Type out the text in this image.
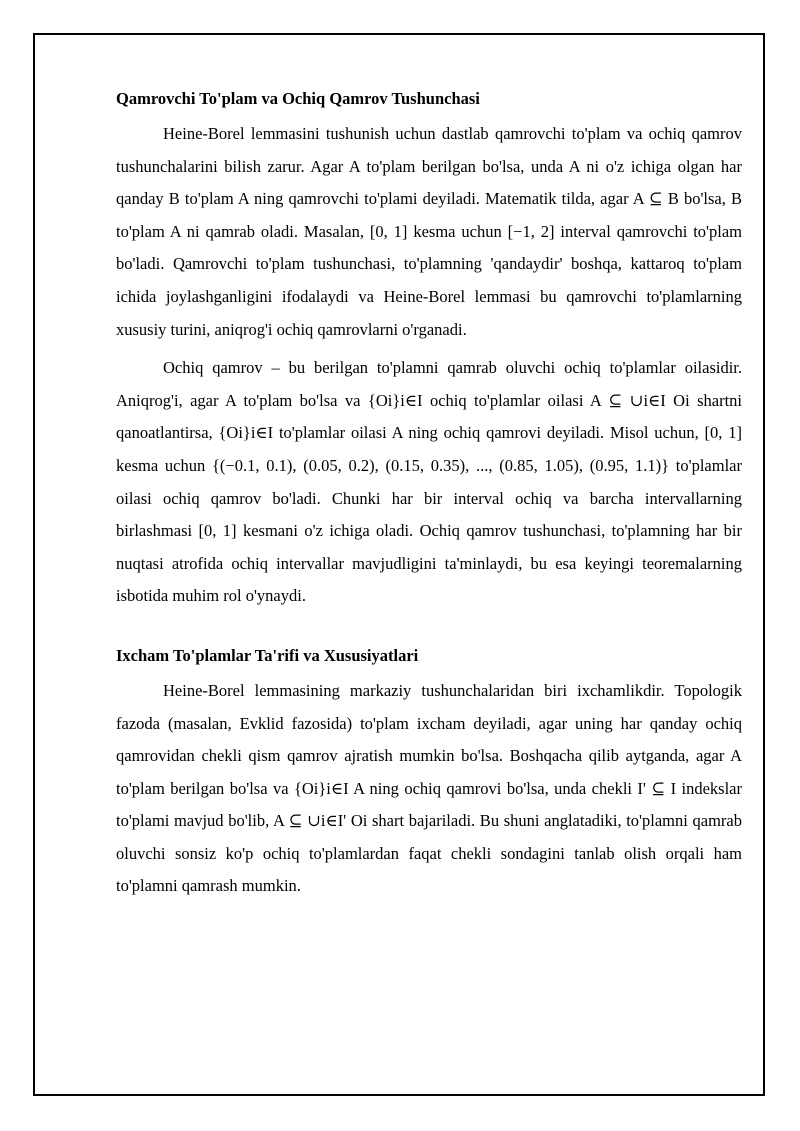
Qamrovchi To'plam va Ochiq Qamrov Tushunchasi

Heine-Borel lemmasini tushunish uchun dastlab qamrovchi to'plam va ochiq qamrov tushunchalarini bilish zarur. Agar A to'plam berilgan bo'lsa, unda A ni o'z ichiga olgan har qanday B to'plam A ning qamrovchi to'plami deyiladi. Matematik tilda, agar A ⊆ B bo'lsa, B to'plam A ni qamrab oladi. Masalan, [0, 1] kesma uchun [−1, 2] interval qamrovchi to'plam bo'ladi. Qamrovchi to'plam tushunchasi, to'plamning 'qandaydir' boshqa, kattaroq to'plam ichida joylashganligini ifodalaydi va Heine-Borel lemmasi bu qamrovchi to'plamlarning xususiy turini, aniqrog'i ochiq qamrovlarni o'rganadi.

Ochiq qamrov – bu berilgan to'plamni qamrab oluvchi ochiq to'plamlar oilasidir. Aniqrog'i, agar A to'plam bo'lsa va {Oi}i∈I ochiq to'plamlar oilasi A ⊆ ∪i∈I Oi shartni qanoatlantirsa, {Oi}i∈I to'plamlar oilasi A ning ochiq qamrovi deyiladi. Misol uchun, [0, 1] kesma uchun {(−0.1, 0.1), (0.05, 0.2), (0.15, 0.35), ..., (0.85, 1.05), (0.95, 1.1)} to'plamlar oilasi ochiq qamrov bo'ladi. Chunki har bir interval ochiq va barcha intervallarning birlashmasi [0, 1] kesmani o'z ichiga oladi. Ochiq qamrov tushunchasi, to'plamning har bir nuqtasi atrofida ochiq intervallar mavjudligini ta'minlaydi, bu esa keyingi teoremalarning isbotida muhim rol o'ynaydi.

Ixcham To'plamlar Ta'rifi va Xususiyatlari

Heine-Borel lemmasining markaziy tushunchalaridan biri ixchamlikdir. Topologik fazoda (masalan, Evklid fazosida) to'plam ixcham deyiladi, agar uning har qanday ochiq qamrovidan chekli qism qamrov ajratish mumkin bo'lsa. Boshqacha qilib aytganda, agar A to'plam berilgan bo'lsa va {Oi}i∈I A ning ochiq qamrovi bo'lsa, unda chekli I' ⊆ I indekslar to'plami mavjud bo'lib, A ⊆ ∪i∈I' Oi shart bajariladi. Bu shuni anglatadiki, to'plamni qamrab oluvchi sonsiz ko'p ochiq to'plamlardan faqat chekli sondagini tanlab olish orqali ham to'plamni qamrash mumkin.
